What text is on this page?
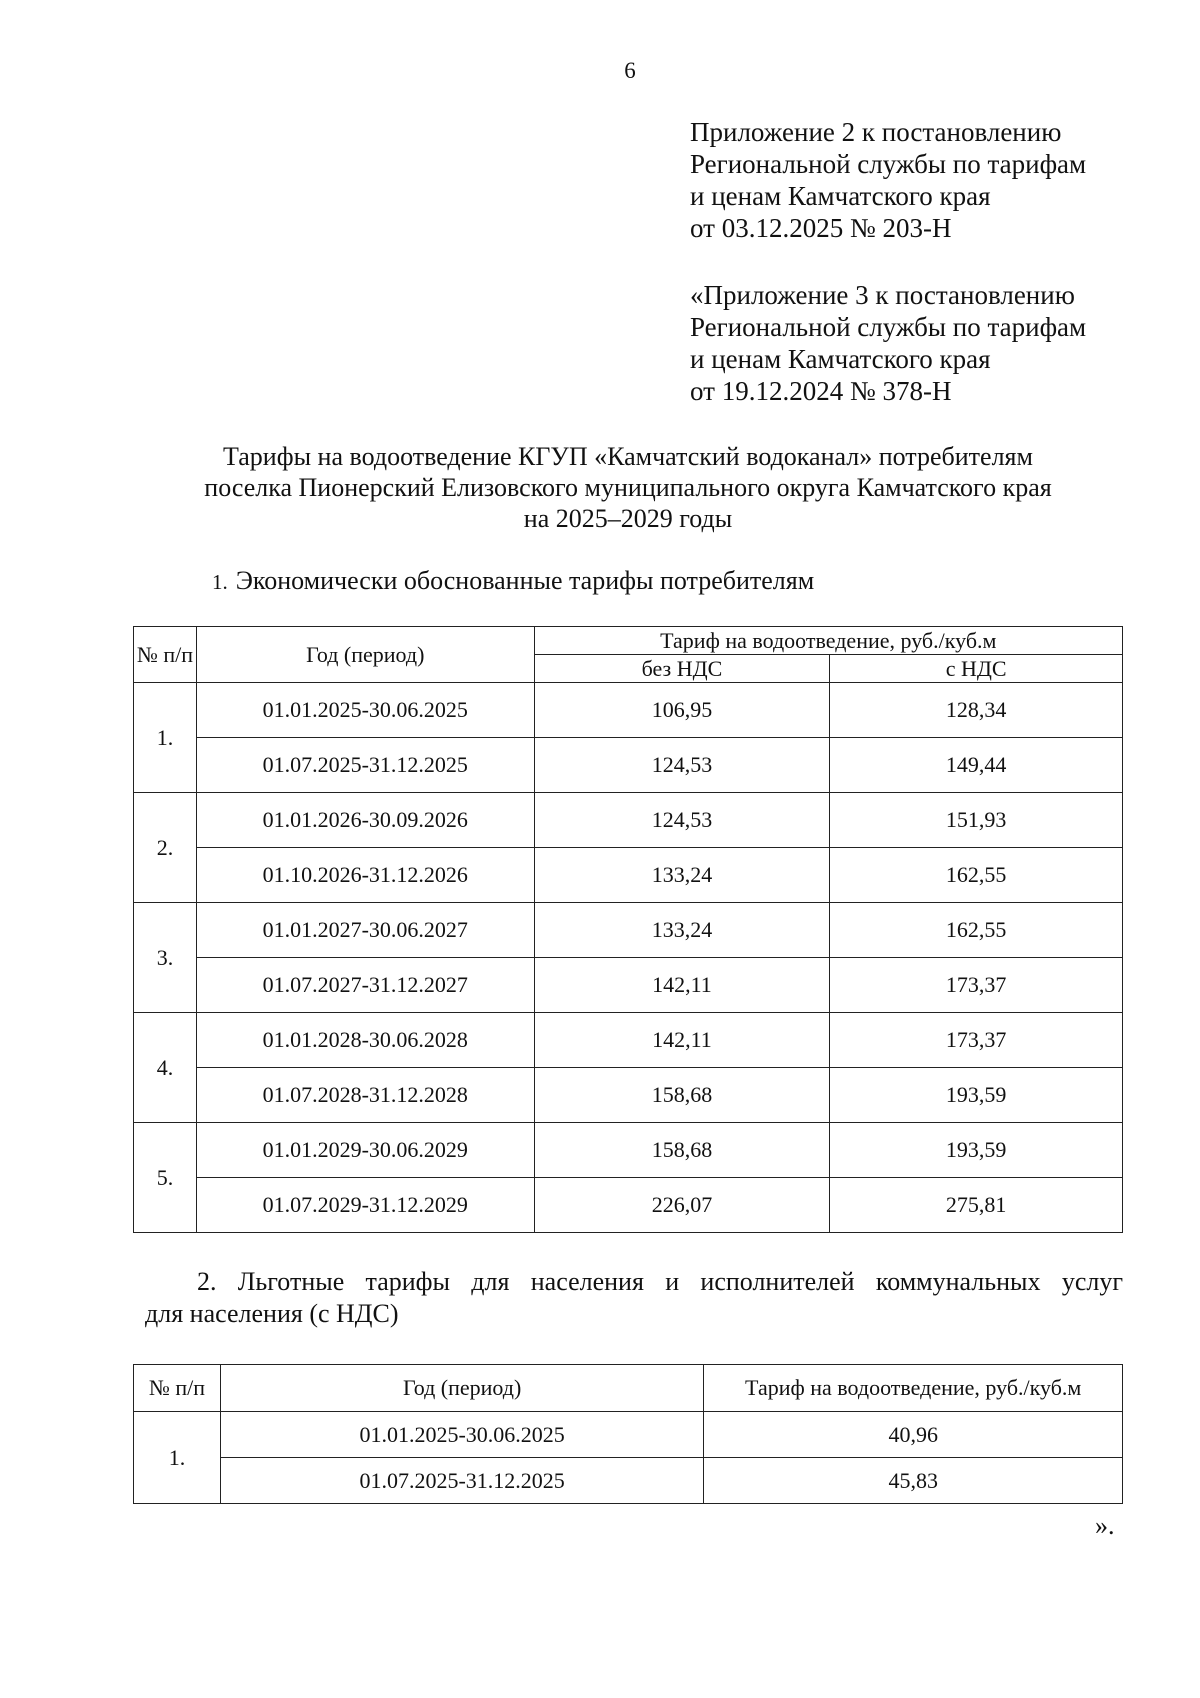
6
Приложение 2 к постановлению
Региональной службы по тарифам
и ценам Камчатского края
от 03.12.2025 № 203-Н
«Приложение 3 к постановлению
Региональной службы по тарифам
и ценам Камчатского края
от 19.12.2024 № 378-Н
Тарифы на водоотведение КГУП «Камчатский водоканал» потребителям
поселка Пионерский Елизовского муниципального округа Камчатского края
на 2025–2029 годы
1. Экономически обоснованные тарифы потребителям
№ п/п	Год (период)	Тариф на водоотведение, руб./куб.м	
		без НДС	с НДС
1.	01.01.2025-30.06.2025	106,95	128,34
	01.07.2025-31.12.2025	124,53	149,44
2.	01.01.2026-30.09.2026	124,53	151,93
	01.10.2026-31.12.2026	133,24	162,55
3.	01.01.2027-30.06.2027	133,24	162,55
	01.07.2027-31.12.2027	142,11	173,37
4.	01.01.2028-30.06.2028	142,11	173,37
	01.07.2028-31.12.2028	158,68	193,59
5.	01.01.2029-30.06.2029	158,68	193,59
	01.07.2029-31.12.2029	226,07	275,81
2. Льготные тарифы для населения и исполнителей коммунальных услуг
для населения (с НДС)
№ п/п	Год (период)	Тариф на водоотведение, руб./куб.м
1.	01.01.2025-30.06.2025	40,96
	01.07.2025-31.12.2025	45,83
».
